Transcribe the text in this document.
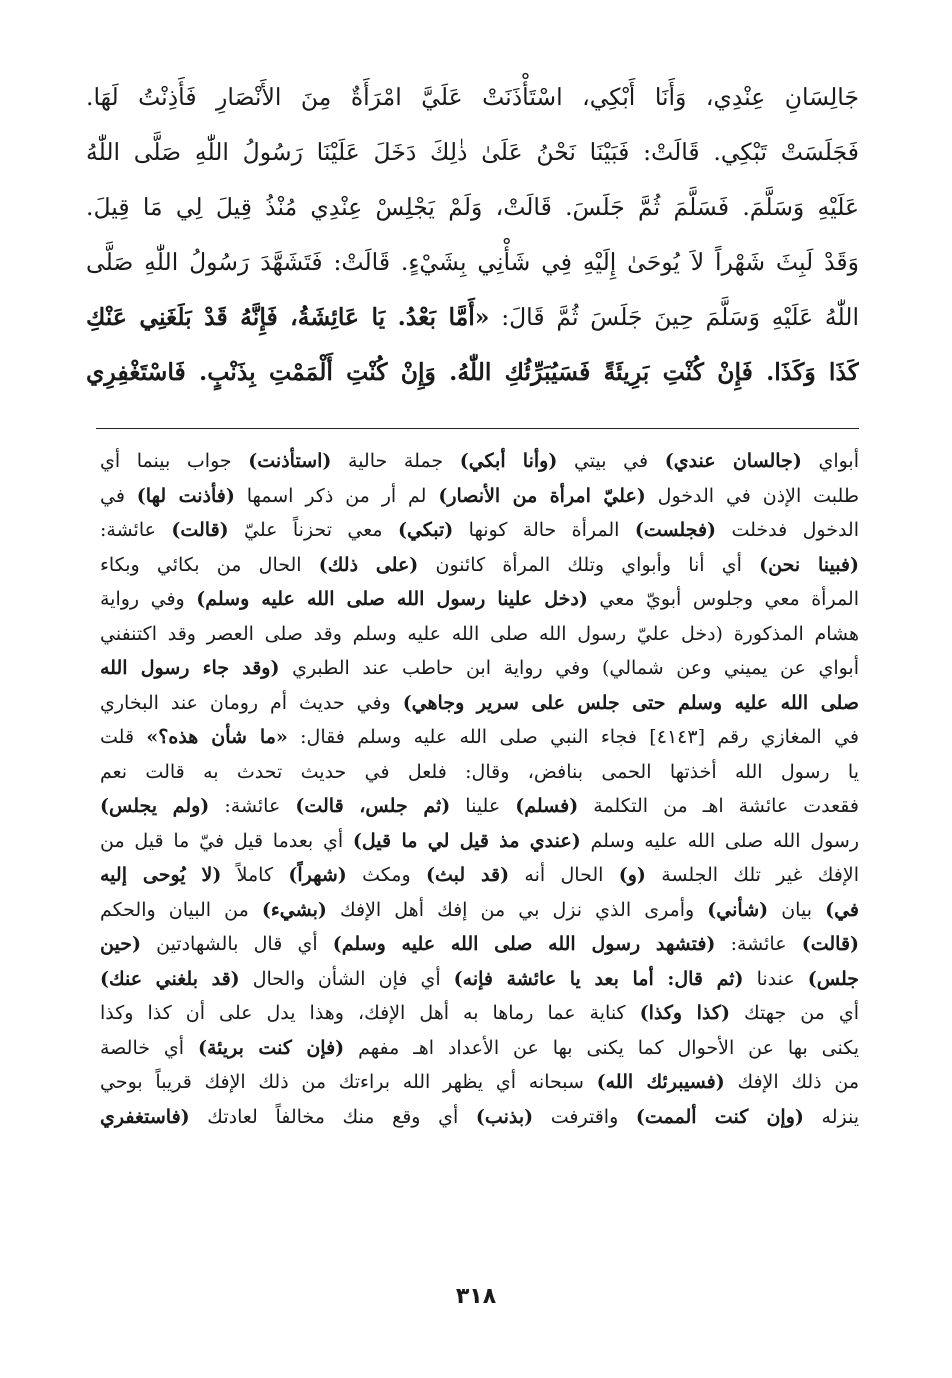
جَالِسَانِ عِنْدِي، وَأَنَا أَبْكِي، اسْتَأْذَنَتْ عَلَيَّ امْرَأَةٌ مِنَ الأَنْصَارِ فَأَذِنْتُ لَهَا.
فَجَلَسَتْ تَبْكِي. قَالَتْ: فَبَيْنَا نَحْنُ عَلَىٰ ذٰلِكَ دَخَلَ عَلَيْنَا رَسُولُ اللّٰهِ صَلَّى اللّٰهُ
عَلَيْهِ وَسَلَّمَ. فَسَلَّمَ ثُمَّ جَلَسَ. قَالَتْ، وَلَمْ يَجْلِسْ عِنْدِي مُنْذُ قِيلَ لِي مَا قِيلَ.
وَقَدْ لَبِثَ شَهْراً لاَ يُوحَىٰ إِلَيْهِ فِي شَأْنِي بِشَيْءٍ. قَالَتْ: فَتَشَهَّدَ رَسُولُ اللّٰهِ صَلَّى
اللّٰهُ عَلَيْهِ وَسَلَّمَ حِينَ جَلَسَ ثُمَّ قَالَ: «أَمَّا بَعْدُ. يَا عَائِشَةُ، فَإِنَّهُ قَدْ بَلَغَنِي عَنْكِ
كَذَا وَكَذَا. فَإِنْ كُنْتِ بَرِيئَةً فَسَيُبَرِّئُكِ اللّٰهُ. وَإِنْ كُنْتِ أَلْمَمْتِ بِذَنْبٍ. فَاسْتَغْفِرِي
أبواي (جالسان عندي) في بيتي (وأنا أبكي) جملة حالية (استأذنت) جواب بينما أي
طلبت الإذن في الدخول (عليّ امرأة من الأنصار) لم أر من ذكر اسمها (فأذنت لها) في
الدخول فدخلت (فجلست) المرأة حالة كونها (تبكي) معي تحزناً عليّ (قالت) عائشة:
(فبينا نحن) أي أنا وأبواي وتلك المرأة كائنون (على ذلك) الحال من بكائي وبكاء
المرأة معي وجلوس أبويّ معي (دخل علينا رسول الله صلى الله عليه وسلم) وفي رواية
هشام المذكورة (دخل عليّ رسول الله صلى الله عليه وسلم وقد صلى العصر وقد اكتنفني
أبواي عن يميني وعن شمالي) وفي رواية ابن حاطب عند الطبري (وقد جاء رسول الله
صلى الله عليه وسلم حتى جلس على سرير وجاهي) وفي حديث أم رومان عند البخاري
في المغازي رقم [٤١٤٣] فجاء النبي صلى الله عليه وسلم فقال: «ما شأن هذه؟» قلت
يا رسول الله أخذتها الحمى بنافض، وقال: فلعل في حديث تحدث به قالت نعم
فقعدت عائشة اهـ من التكلمة (فسلم) علينا (ثم جلس، قالت) عائشة: (ولم يجلس)
رسول الله صلى الله عليه وسلم (عندي مذ قيل لي ما قيل) أي بعدما قيل فيّ ما قيل من
الإفك غير تلك الجلسة (و) الحال أنه (قد لبث) ومكث (شهراً) كاملاً (لا يُوحى إليه
في) بيان (شأني) وأمرى الذي نزل بي من إفك أهل الإفك (بشيء) من البيان والحكم
(قالت) عائشة: (فتشهد رسول الله صلى الله عليه وسلم) أي قال بالشهادتين (حين
جلس) عندنا (ثم قال: أما بعد يا عائشة فإنه) أي فإن الشأن والحال (قد بلغني عنك)
أي من جهتك (كذا وكذا) كناية عما رماها به أهل الإفك، وهذا يدل على أن كذا وكذا
يكنى بها عن الأحوال كما يكنى بها عن الأعداد اهـ مفهم (فإن كنت بريئة) أي خالصة
من ذلك الإفك (فسيبرئك الله) سبحانه أي يظهر الله براءتك من ذلك الإفك قريباً بوحي
ينزله (وإن كنت ألممت) واقترفت (بذنب) أي وقع منك مخالفاً لعادتك (فاستغفري
٣١٨
